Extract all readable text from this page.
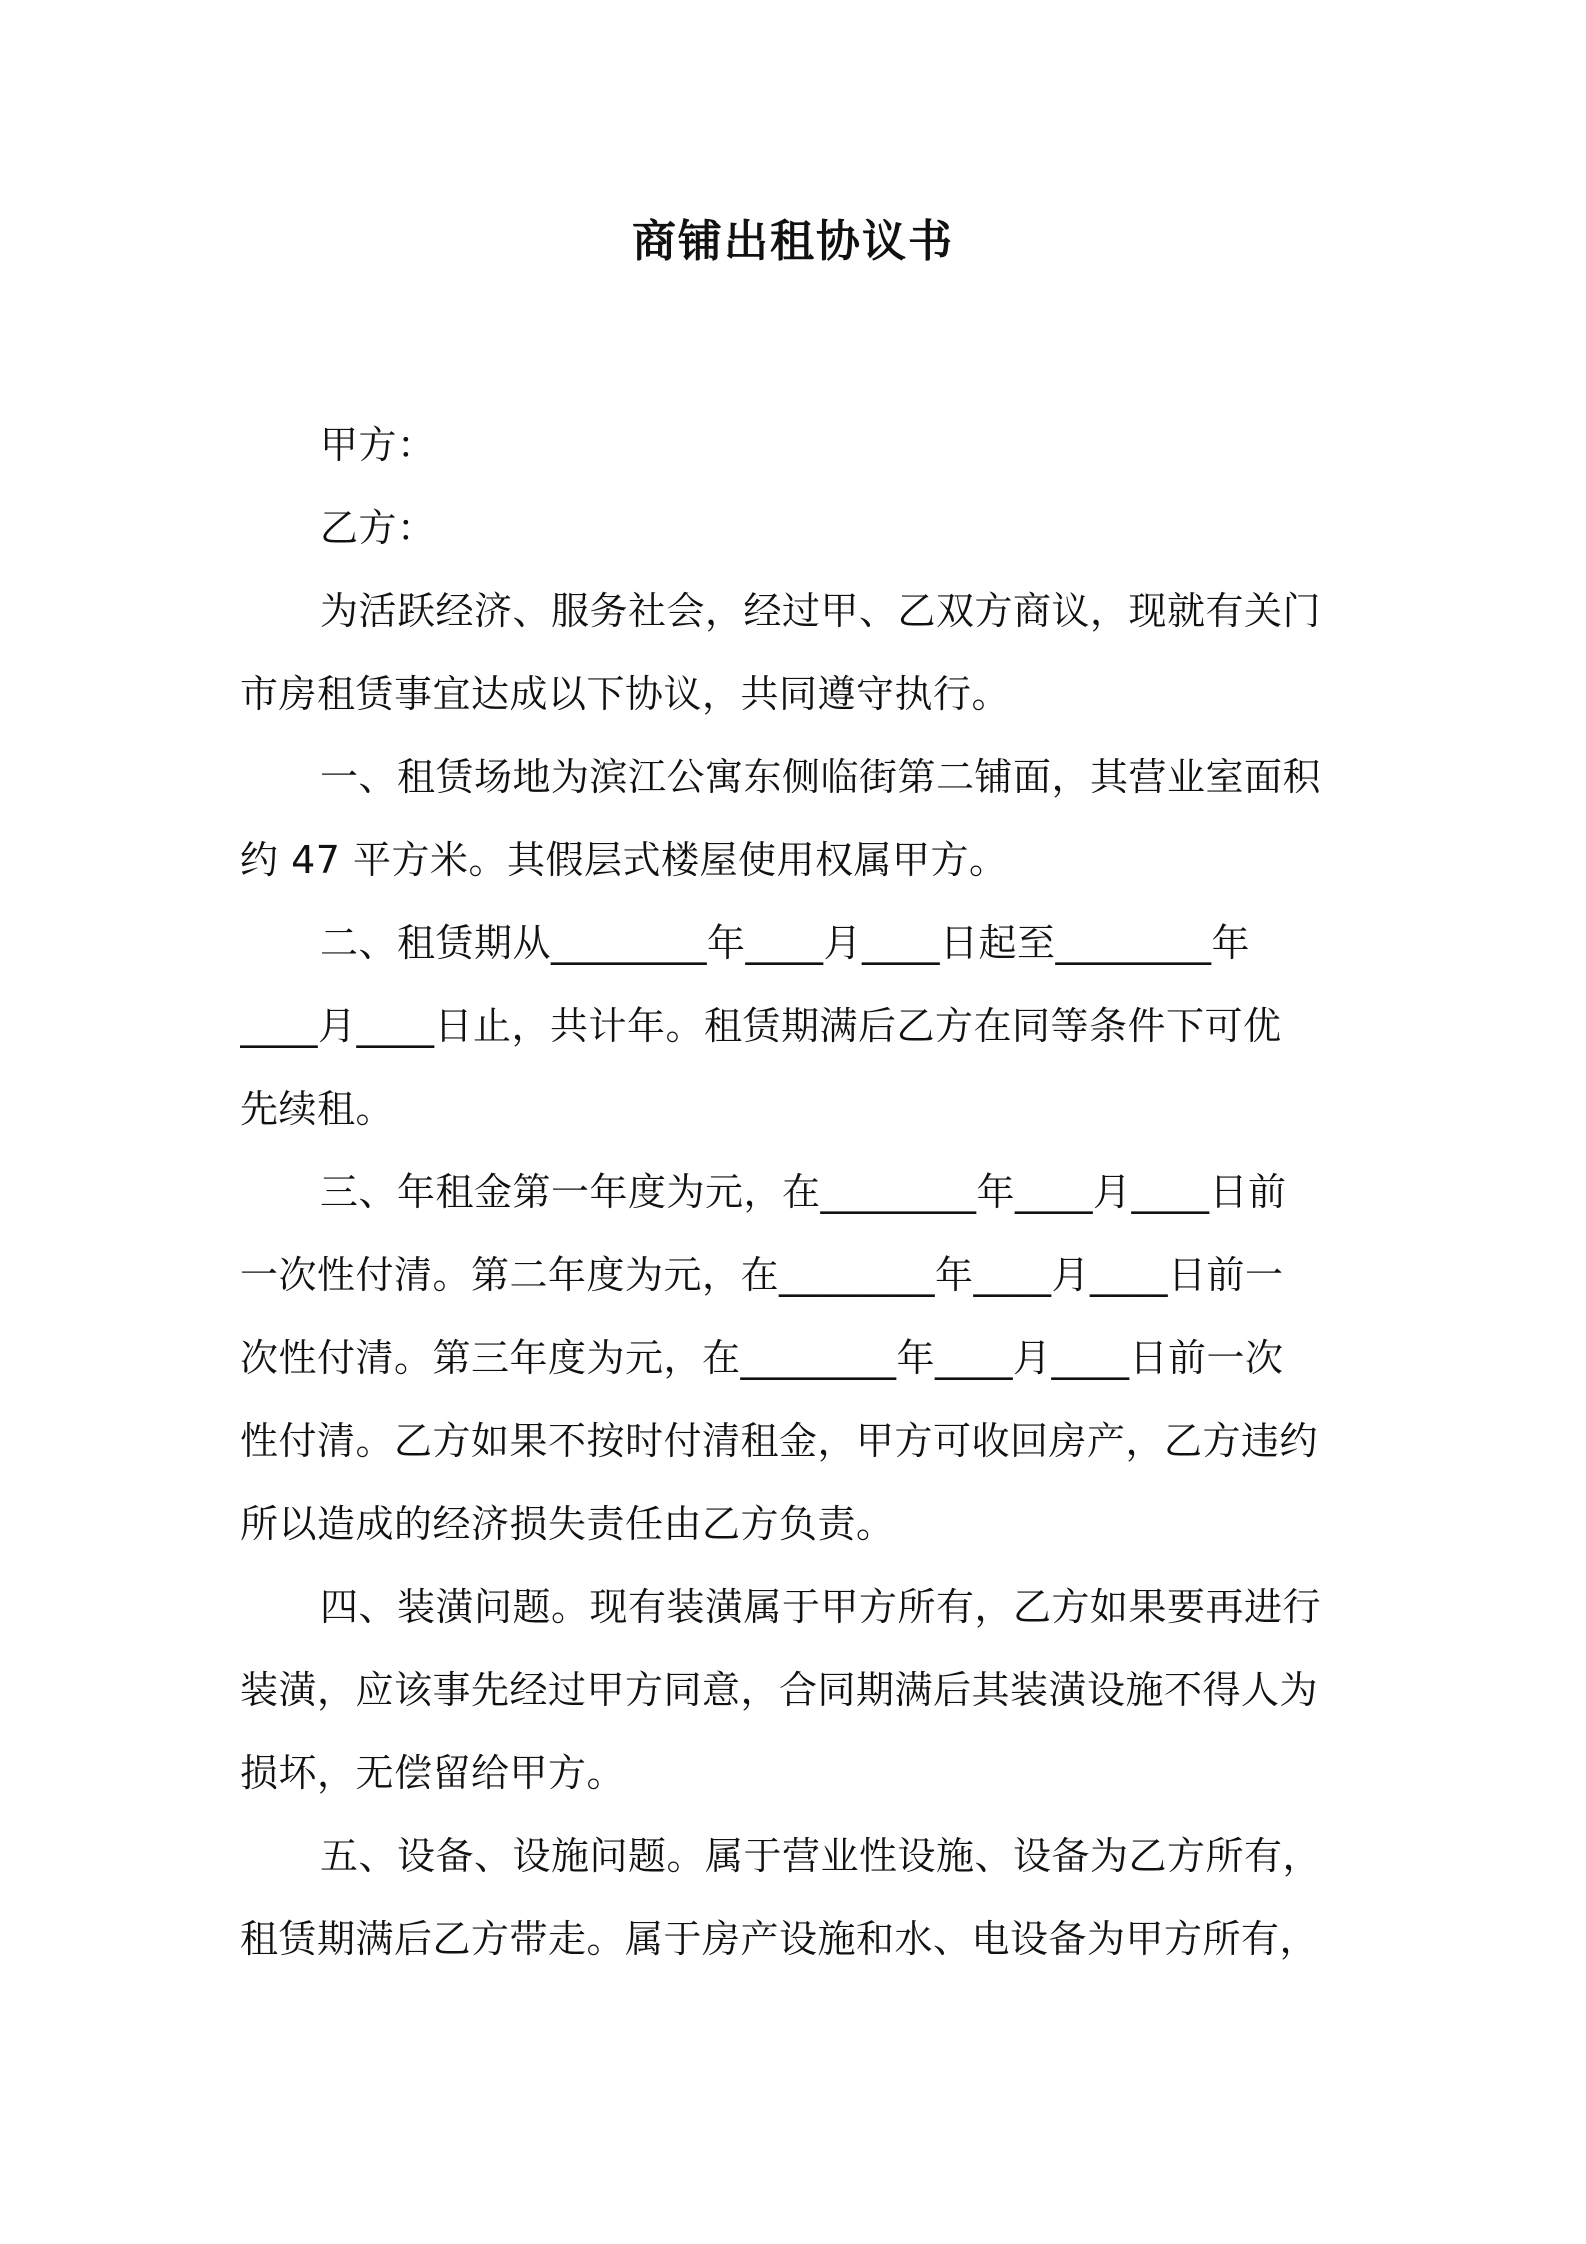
商铺出租协议书
甲方：
乙方：
为活跃经济、服务社会，经过甲、乙双方商议，现就有关门
市房租赁事宜达成以下协议，共同遵守执行。
一、租赁场地为滨江公寓东侧临街第二铺面，其营业室面积
约 47 平方米。其假层式楼屋使用权属甲方。
二、租赁期从________年____月____日起至________年
____月____日止，共计年。租赁期满后乙方在同等条件下可优
先续租。
三、年租金第一年度为元，在________年____月____日前
一次性付清。第二年度为元，在________年____月____日前一
次性付清。第三年度为元，在________年____月____日前一次
性付清。乙方如果不按时付清租金，甲方可收回房产，乙方违约
所以造成的经济损失责任由乙方负责。
四、装潢问题。现有装潢属于甲方所有，乙方如果要再进行
装潢，应该事先经过甲方同意，合同期满后其装潢设施不得人为
损坏，无偿留给甲方。
五、设备、设施问题。属于营业性设施、设备为乙方所有，
租赁期满后乙方带走。属于房产设施和水、电设备为甲方所有，
